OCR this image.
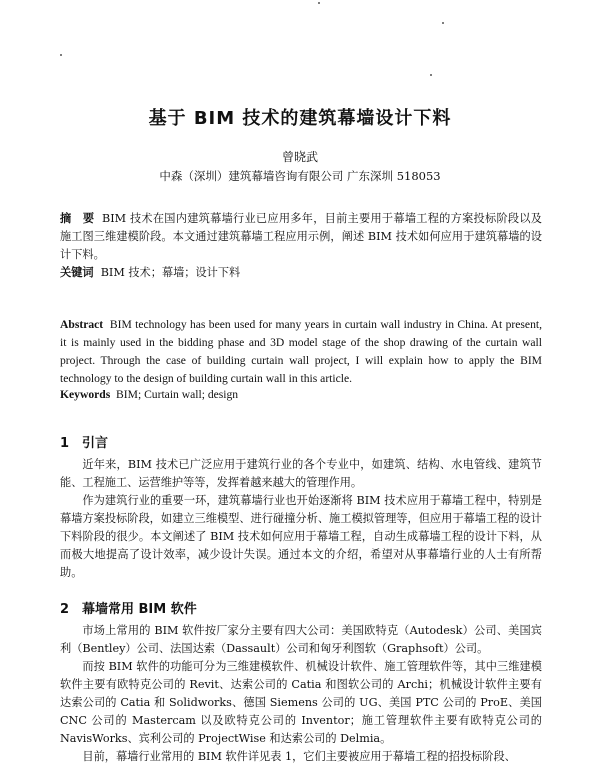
基于 BIM 技术的建筑幕墙设计下料
曾晓武
中森（深圳）建筑幕墙咨询有限公司 广东深圳 518053
摘　要 BIM 技术在国内建筑幕墙行业已应用多年，目前主要用于幕墙工程的方案投标阶段以及施工图三维建模阶段。本文通过建筑幕墙工程应用示例，阐述 BIM 技术如何应用于建筑幕墙的设计下料。
关键词 BIM 技术；幕墙；设计下料
Abstract BIM technology has been used for many years in curtain wall industry in China. At present, it is mainly used in the bidding phase and 3D model stage of the shop drawing of the curtain wall project. Through the case of building curtain wall project, I will explain how to apply the BIM technology to the design of building curtain wall in this article.
Keywords BIM; Curtain wall; design
1 引言
近年来，BIM 技术已广泛应用于建筑行业的各个专业中，如建筑、结构、水电管线、建筑节能、工程施工、运营维护等等，发挥着越来越大的管理作用。
作为建筑行业的重要一环，建筑幕墙行业也开始逐渐将 BIM 技术应用于幕墙工程中，特别是幕墙方案投标阶段，如建立三维模型、进行碰撞分析、施工模拟管理等，但应用于幕墙工程的设计下料阶段的很少。本文阐述了 BIM 技术如何应用于幕墙工程，自动生成幕墙工程的设计下料，从而极大地提高了设计效率，减少设计失误。通过本文的介绍，希望对从事幕墙行业的人士有所帮助。
2 幕墙常用 BIM 软件
市场上常用的 BIM 软件按厂家分主要有四大公司：美国欧特克（Autodesk）公司、美国宾利（Bentley）公司、法国达索（Dassault）公司和匈牙利图软（Graphsoft）公司。
而按 BIM 软件的功能可分为三维建模软件、机械设计软件、施工管理软件等，其中三维建模软件主要有欧特克公司的 Revit、达索公司的 Catia 和图软公司的 Archi；机械设计软件主要有达索公司的 Catia 和 Solidworks、德国 Siemens 公司的 UG、美国 PTC 公司的 ProE、美国 CNC 公司的 Mastercam 以及欧特克公司的 Inventor；施工管理软件主要有欧特克公司的 NavisWorks、宾利公司的 ProjectWise 和达索公司的 Delmia。
目前，幕墙行业常用的 BIM 软件详见表 1，它们主要被应用于幕墙工程的招投标阶段、
